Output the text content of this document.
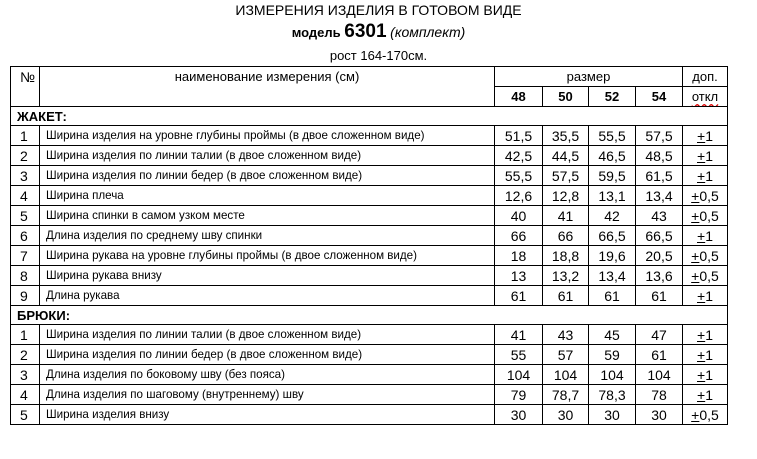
ИЗМЕРЕНИЯ ИЗДЕЛИЯ В ГОТОВОМ ВИДЕ
модель 6301 (комплект)
рост 164-170см.
№	наименование измерения (см)	размер				доп.
		48	50	52	54	откл
ЖАКЕТ:						
1	Ширина изделия на уровне глубины проймы (в двое сложенном виде)	51,5	35,5	55,5	57,5	+1
2	Ширина изделия по линии талии (в двое сложенном виде)	42,5	44,5	46,5	48,5	+1
3	Ширина изделия по линии бедер (в двое сложенном виде)	55,5	57,5	59,5	61,5	+1
4	Ширина плеча	12,6	12,8	13,1	13,4	+0,5
5	Ширина спинки в самом узком месте	40	41	42	43	+0,5
6	Длина изделия по среднему шву спинки	66	66	66,5	66,5	+1
7	Ширина рукава на уровне глубины проймы (в двое сложенном виде)	18	18,8	19,6	20,5	+0,5
8	Ширина рукава внизу	13	13,2	13,4	13,6	+0,5
9	Длина рукава	61	61	61	61	+1
БРЮКИ:						
1	Ширина изделия по линии талии (в двое сложенном виде)	41	43	45	47	+1
2	Ширина изделия по линии бедер (в двое сложенном виде)	55	57	59	61	+1
3	Длина изделия по боковому шву (без пояса)	104	104	104	104	+1
4	Длина изделия по шаговому (внутреннему) шву	79	78,7	78,3	78	+1
5	Ширина изделия внизу	30	30	30	30	+0,5
